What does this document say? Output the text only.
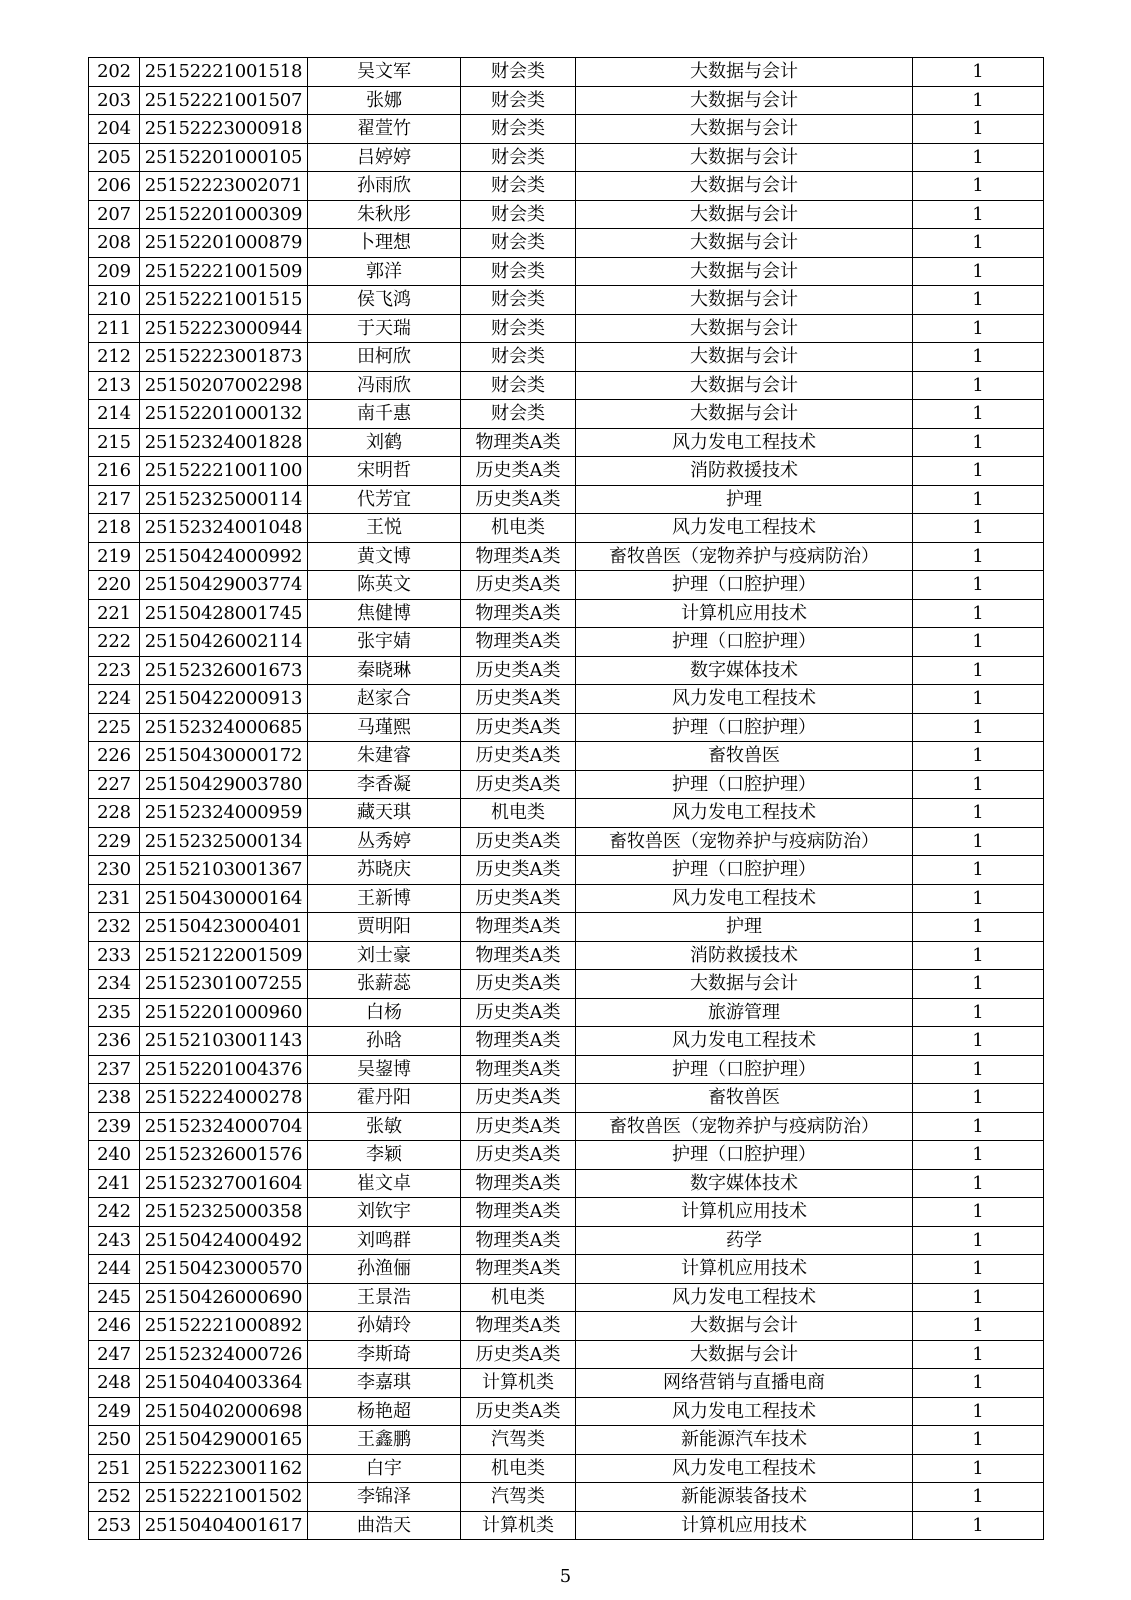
202	25152221001518	吴文军	财会类	大数据与会计	1
203	25152221001507	张娜	财会类	大数据与会计	1
204	25152223000918	翟萱竹	财会类	大数据与会计	1
205	25152201000105	吕婷婷	财会类	大数据与会计	1
206	25152223002071	孙雨欣	财会类	大数据与会计	1
207	25152201000309	朱秋彤	财会类	大数据与会计	1
208	25152201000879	卜理想	财会类	大数据与会计	1
209	25152221001509	郭洋	财会类	大数据与会计	1
210	25152221001515	侯飞鸿	财会类	大数据与会计	1
211	25152223000944	于天瑞	财会类	大数据与会计	1
212	25152223001873	田柯欣	财会类	大数据与会计	1
213	25150207002298	冯雨欣	财会类	大数据与会计	1
214	25152201000132	南千惠	财会类	大数据与会计	1
215	25152324001828	刘鹤	物理类A类	风力发电工程技术	1
216	25152221001100	宋明哲	历史类A类	消防救援技术	1
217	25152325000114	代芳宜	历史类A类	护理	1
218	25152324001048	王悦	机电类	风力发电工程技术	1
219	25150424000992	黄文博	物理类A类	畜牧兽医（宠物养护与疫病防治）	1
220	25150429003774	陈英文	历史类A类	护理（口腔护理）	1
221	25150428001745	焦健博	物理类A类	计算机应用技术	1
222	25150426002114	张宇婧	物理类A类	护理（口腔护理）	1
223	25152326001673	秦晓琳	历史类A类	数字媒体技术	1
224	25150422000913	赵家合	历史类A类	风力发电工程技术	1
225	25152324000685	马瑾熙	历史类A类	护理（口腔护理）	1
226	25150430000172	朱建睿	历史类A类	畜牧兽医	1
227	25150429003780	李香凝	历史类A类	护理（口腔护理）	1
228	25152324000959	藏天琪	机电类	风力发电工程技术	1
229	25152325000134	丛秀婷	历史类A类	畜牧兽医（宠物养护与疫病防治）	1
230	25152103001367	苏晓庆	历史类A类	护理（口腔护理）	1
231	25150430000164	王新博	历史类A类	风力发电工程技术	1
232	25150423000401	贾明阳	物理类A类	护理	1
233	25152122001509	刘士豪	物理类A类	消防救援技术	1
234	25152301007255	张薪蕊	历史类A类	大数据与会计	1
235	25152201000960	白杨	历史类A类	旅游管理	1
236	25152103001143	孙晗	物理类A类	风力发电工程技术	1
237	25152201004376	吴鋆博	物理类A类	护理（口腔护理）	1
238	25152224000278	霍丹阳	历史类A类	畜牧兽医	1
239	25152324000704	张敏	历史类A类	畜牧兽医（宠物养护与疫病防治）	1
240	25152326001576	李颖	历史类A类	护理（口腔护理）	1
241	25152327001604	崔文卓	物理类A类	数字媒体技术	1
242	25152325000358	刘钦宇	物理类A类	计算机应用技术	1
243	25150424000492	刘鸣群	物理类A类	药学	1
244	25150423000570	孙渔俪	物理类A类	计算机应用技术	1
245	25150426000690	王景浩	机电类	风力发电工程技术	1
246	25152221000892	孙婧玲	物理类A类	大数据与会计	1
247	25152324000726	李斯琦	历史类A类	大数据与会计	1
248	25150404003364	李嘉琪	计算机类	网络营销与直播电商	1
249	25150402000698	杨艳超	历史类A类	风力发电工程技术	1
250	25150429000165	王鑫鹏	汽驾类	新能源汽车技术	1
251	25152223001162	白宇	机电类	风力发电工程技术	1
252	25152221001502	李锦泽	汽驾类	新能源装备技术	1
253	25150404001617	曲浩天	计算机类	计算机应用技术	1
5
